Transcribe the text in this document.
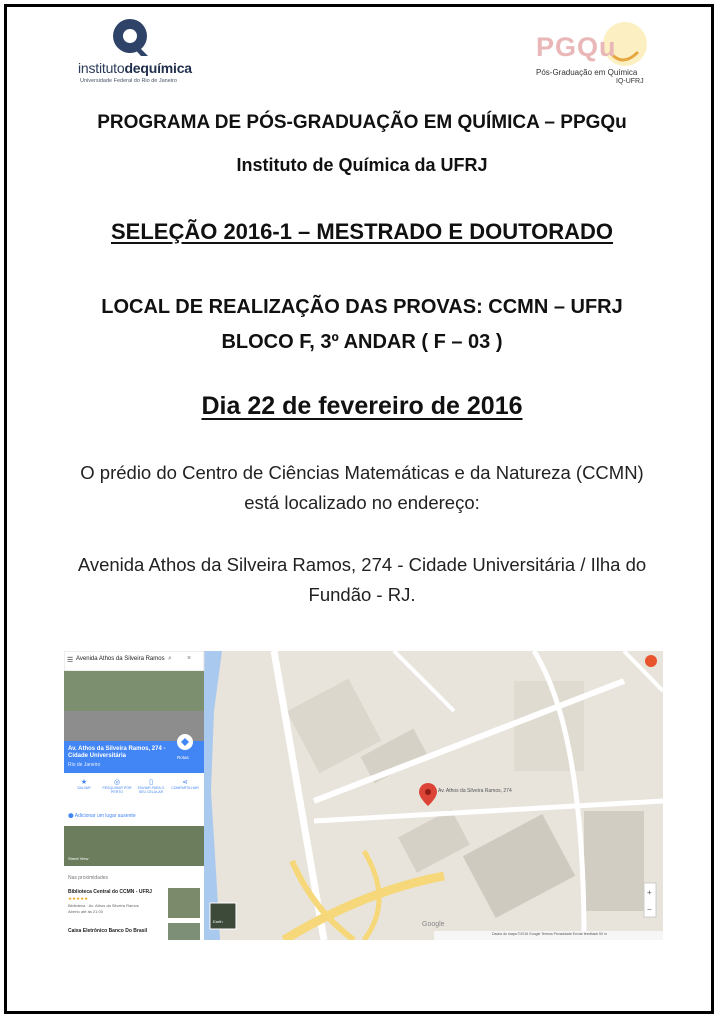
institutodequímica
Universidade Federal do Rio de Janeiro
PGQu
Pós-Graduação em Química
IQ-UFRJ
PROGRAMA DE PÓS-GRADUAÇÃO EM QUÍMICA – PPGQu
Instituto de Química da UFRJ
SELEÇÃO 2016-1 – MESTRADO E DOUTORADO
LOCAL DE REALIZAÇÃO DAS PROVAS: CCMN – UFRJ
BLOCO F, 3º ANDAR ( F – 03 )
Dia 22 de fevereiro de 2016
O prédio do Centro de Ciências Matemáticas e da Natureza (CCMN)
está localizado no endereço:
Avenida Athos da Silveira Ramos, 274 - Cidade Universitária / Ilha do
Fundão - RJ.
Av. Athos da Silveira Ramos, 274
+
−
Avenida Athos da Silveira Ramos
☰	⌕ ×
Av. Athos da Silveira Ramos, 274 - Cidade Universitária
Rio de Janeiro
Rotas
★
SALVAR
◎
PESQUISAR POR PERTO
▯
ENVIAR PARA O SEU CELULAR
⋖
COMPARTILHAR
⬤ Adicionar um lugar ausente
Street View
Nas proximidades
Biblioteca Central do CCMN - UFRJ
★★★★★
Biblioteca · Av. Athos da Silveira Ramos
Aberto até às 21:00
Caixa Eletrônico Banco Do Brasil
Earth	Google
Dados do mapa ©2016 Google Termos Privacidade Enviar feedback 50 m
